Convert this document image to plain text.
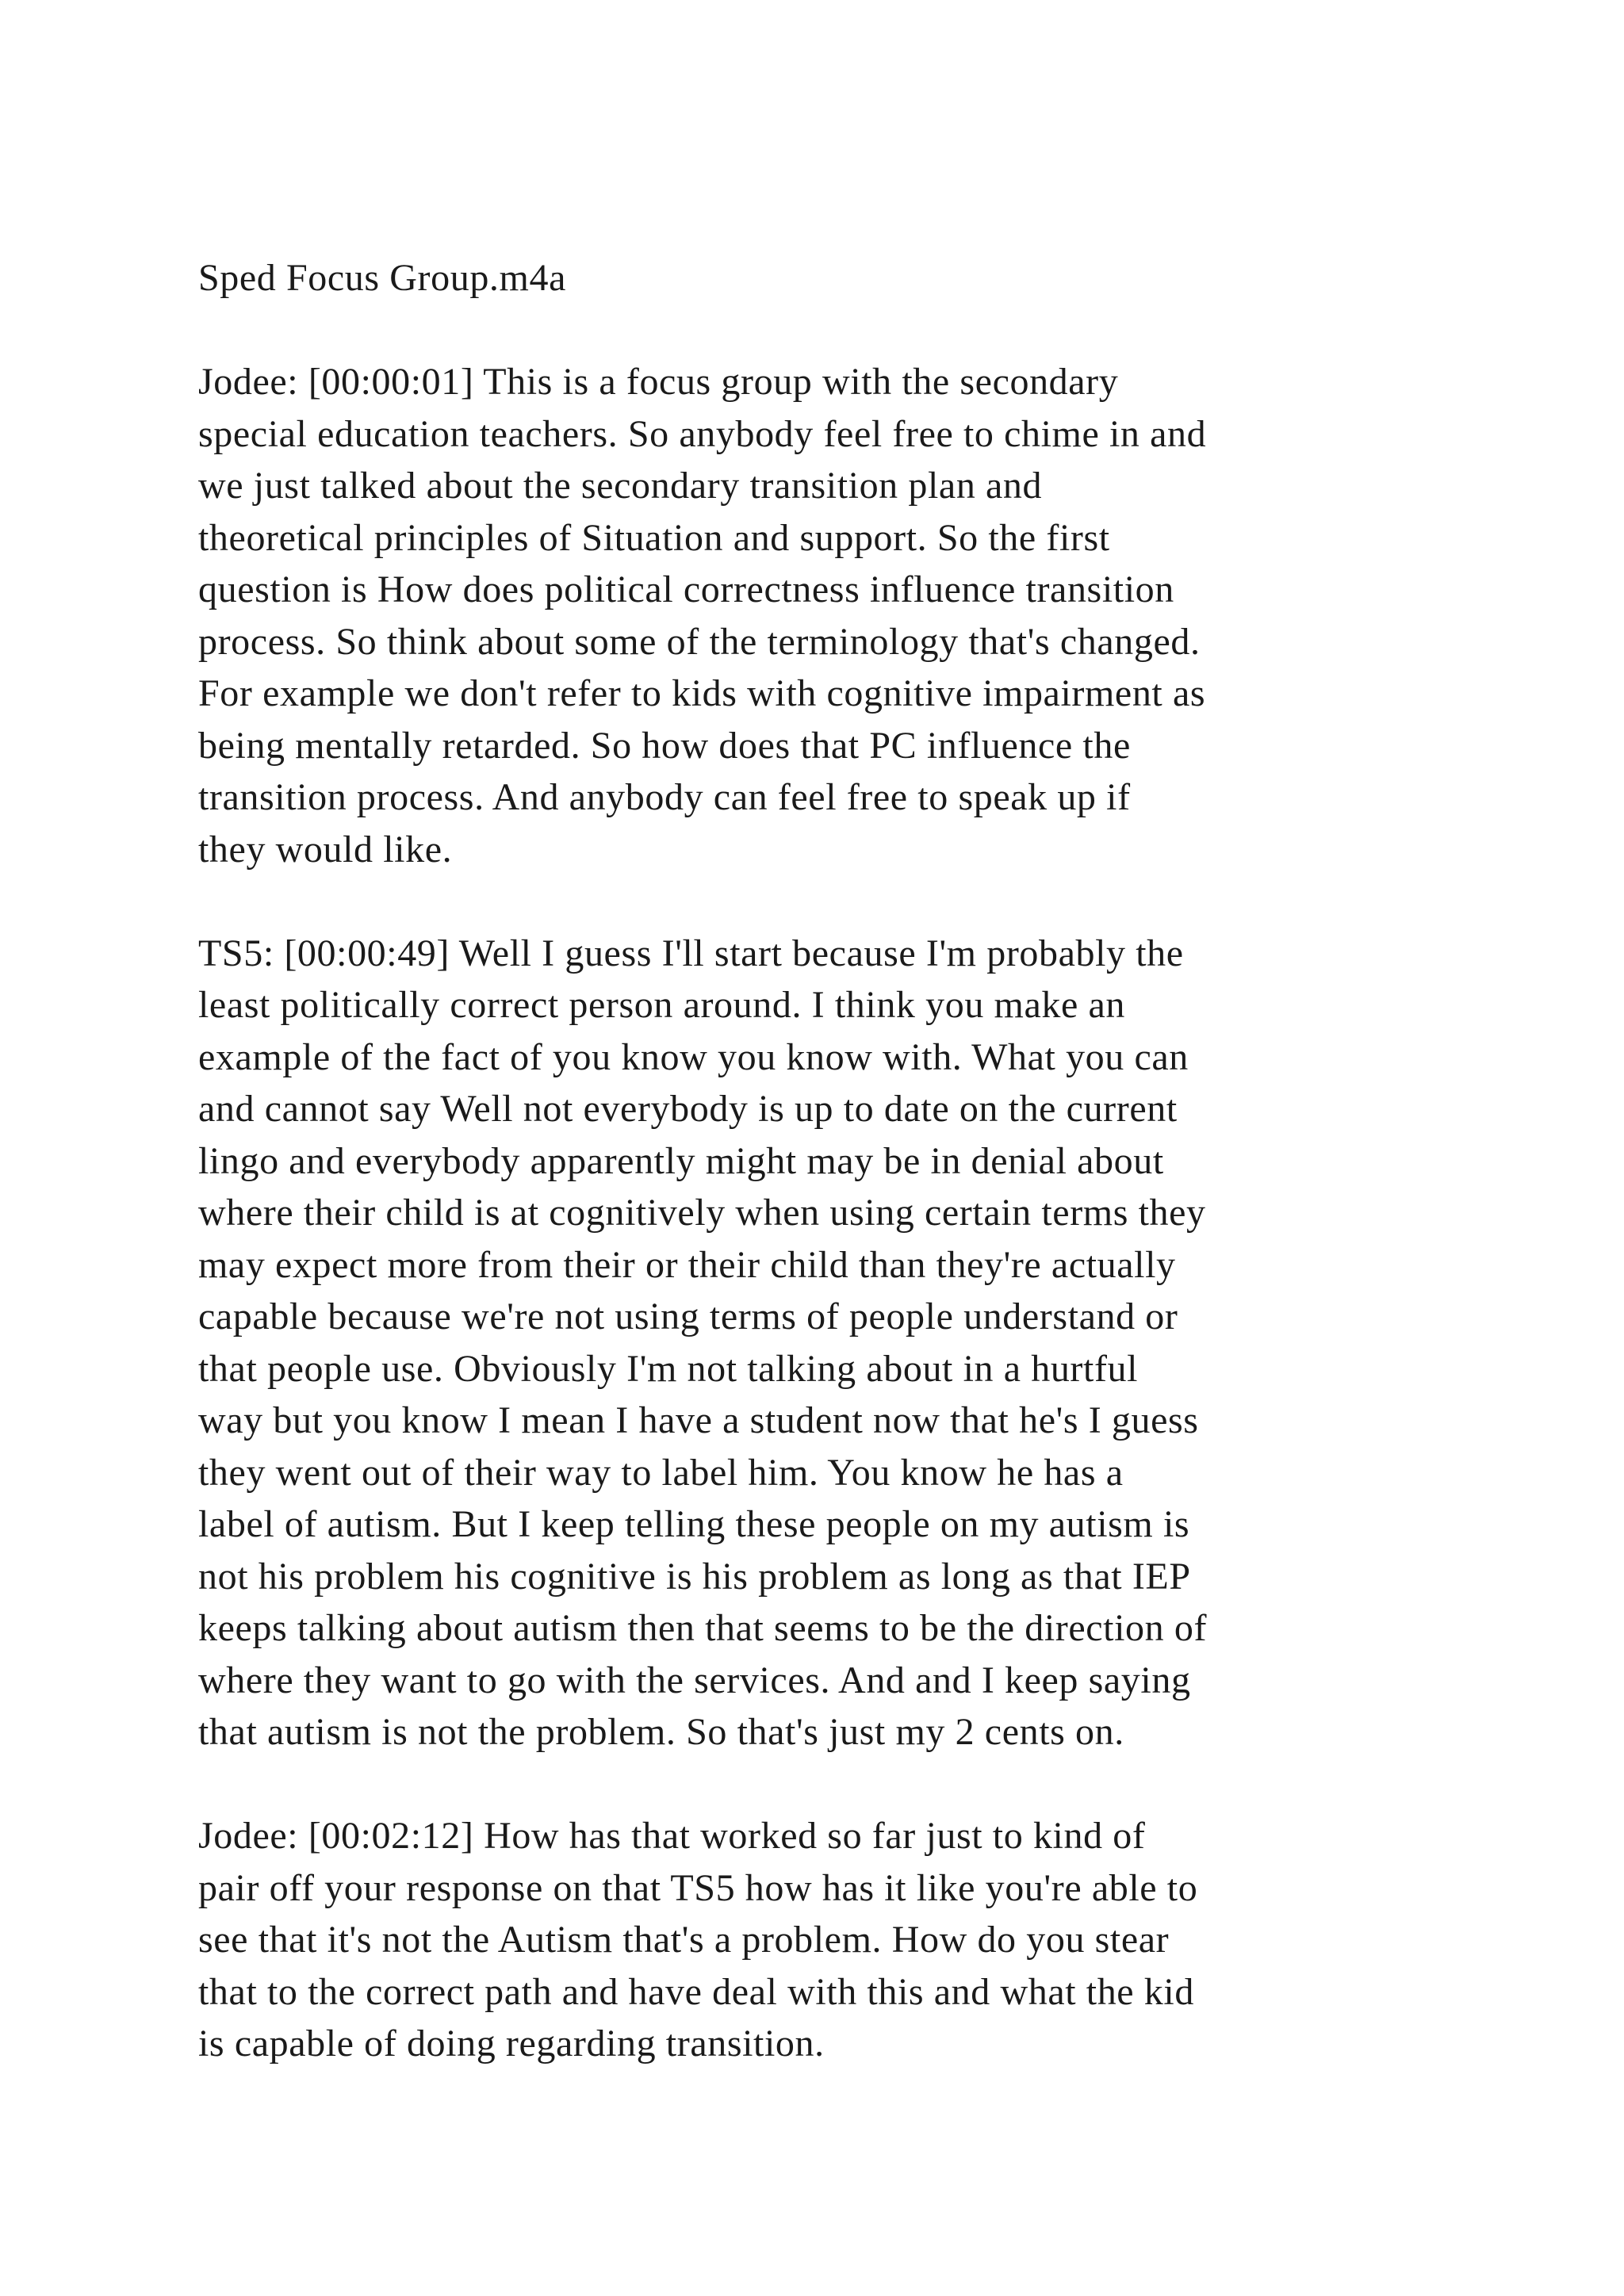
Sped Focus Group.m4a
Jodee: [00:00:01] This is a focus group with the secondary
special education teachers. So anybody feel free to chime in and
we just talked about the secondary transition plan and
theoretical principles of Situation and support. So the first
question is How does political correctness influence transition
process. So think about some of the terminology that's changed.
For example we don't refer to kids with cognitive impairment as
being mentally retarded. So how does that PC influence the
transition process. And anybody can feel free to speak up if
they would like.
TS5: [00:00:49] Well I guess I'll start because I'm probably the
least politically correct person around. I think you make an
example of the fact of you know you know with. What you can
and cannot say Well not everybody is up to date on the current
lingo and everybody apparently might may be in denial about
where their child is at cognitively when using certain terms they
may expect more from their or their child than they're actually
capable because we're not using terms of people understand or
that people use. Obviously I'm not talking about in a hurtful
way but you know I mean I have a student now that he's I guess
they went out of their way to label him. You know he has a
label of autism. But I keep telling these people on my autism is
not his problem his cognitive is his problem as long as that IEP
keeps talking about autism then that seems to be the direction of
where they want to go with the services. And and I keep saying
that autism is not the problem. So that's just my 2 cents on.
Jodee: [00:02:12] How has that worked so far just to kind of
pair off your response on that TS5 how has it like you're able to
see that it's not the Autism that's a problem. How do you stear
that to the correct path and have deal with this and what the kid
is capable of doing regarding transition.
